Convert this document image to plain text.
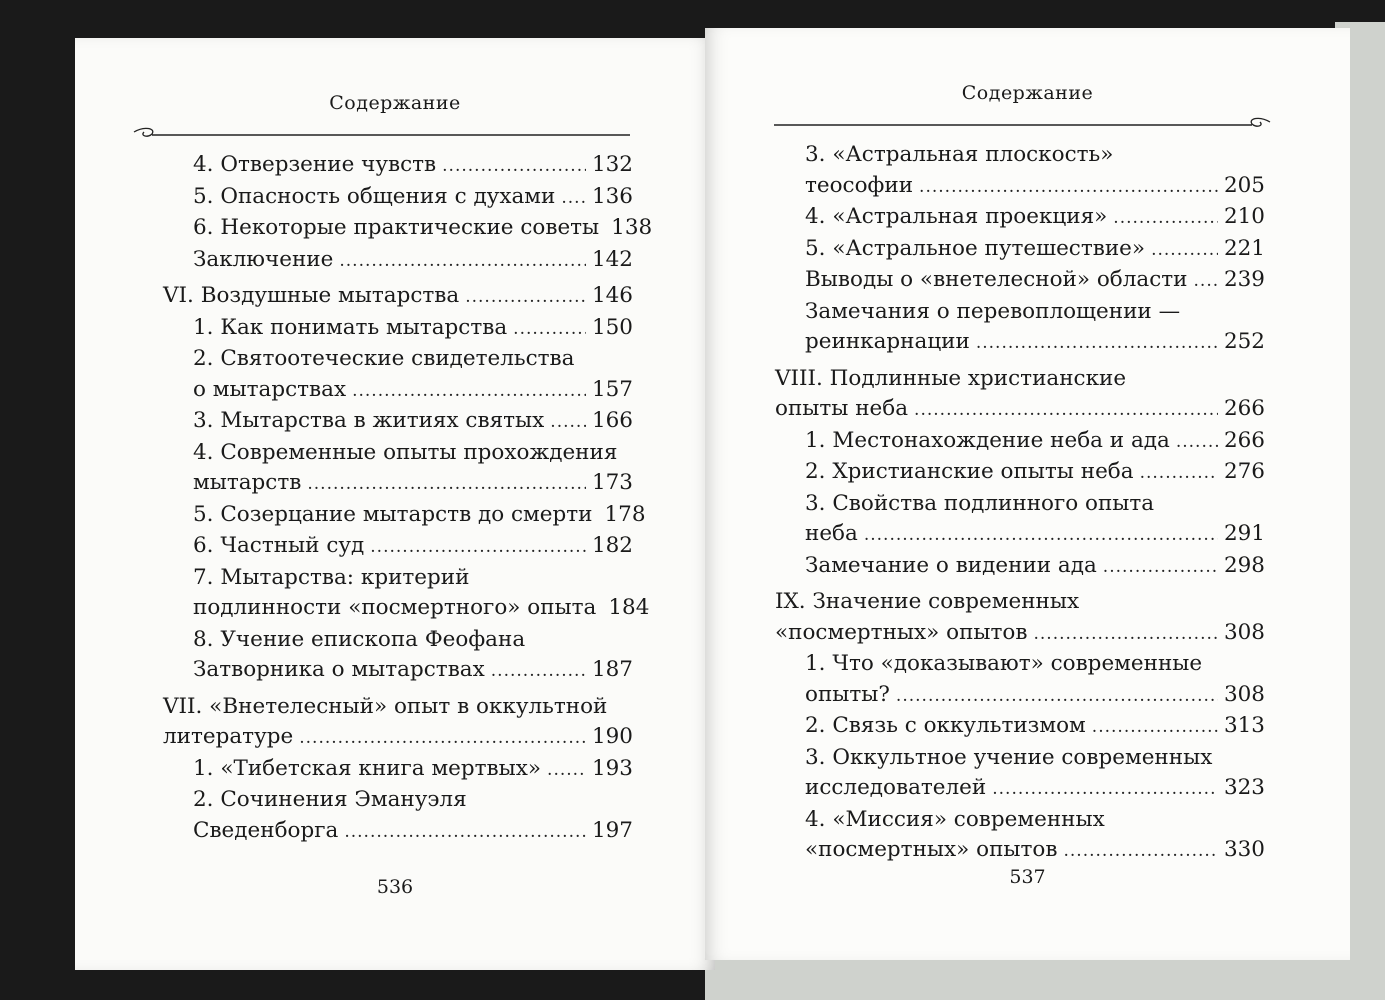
Содержание
4. Отверзение чувств . . .	132
5. Опасность общения с духами . . . 136
6. Некоторые практические советы 138
Заключение . . .	142
VI. Воздушные мытарства . . .	146
1. Как понимать мытарства . . .	150
2. Святоотеческие свидетельства
о мытарствах . . .	157
3. Мытарства в житиях святых . . . 166
4. Современные опыты прохождения
мытарств . . .	173
5. Созерцание мытарств до смерти 178
6. Частный суд . . .	182
7. Мытарства: критерий
подлинности «посмертного» опыта 184
8. Учение епископа Феофана
Затворника о мытарствах . . .	187
VII. «Внетелесный» опыт в оккультной
литературе . . .	190
1. «Тибетская книга мертвых» . . . 193
2. Сочинения Эмануэля
Сведенборга . . .	197
536
Содержание
3. «Астральная плоскость»
теософии . . .	205
4. «Астральная проекция» . . .	210
5. «Астральное путешествие» . . .	221
Выводы о «внетелесной» области . . . 239
Замечания о перевоплощении —
реинкарнации . . .	252
VIII. Подлинные христианские
опыты неба . . .	266
1. Местонахождение неба и ада . . .	266
2. Христианские опыты неба . . .	276
3. Свойства подлинного опыта
неба . . .	291
Замечание о видении ада . . .	298
IX. Значение современных
«посмертных» опытов . . .	308
1. Что «доказывают» современные
опыты? . . .	308
2. Связь с оккультизмом . . .	313
3. Оккультное учение современных
исследователей . . .	323
4. «Миссия» современных
«посмертных» опытов . . .	330
537
